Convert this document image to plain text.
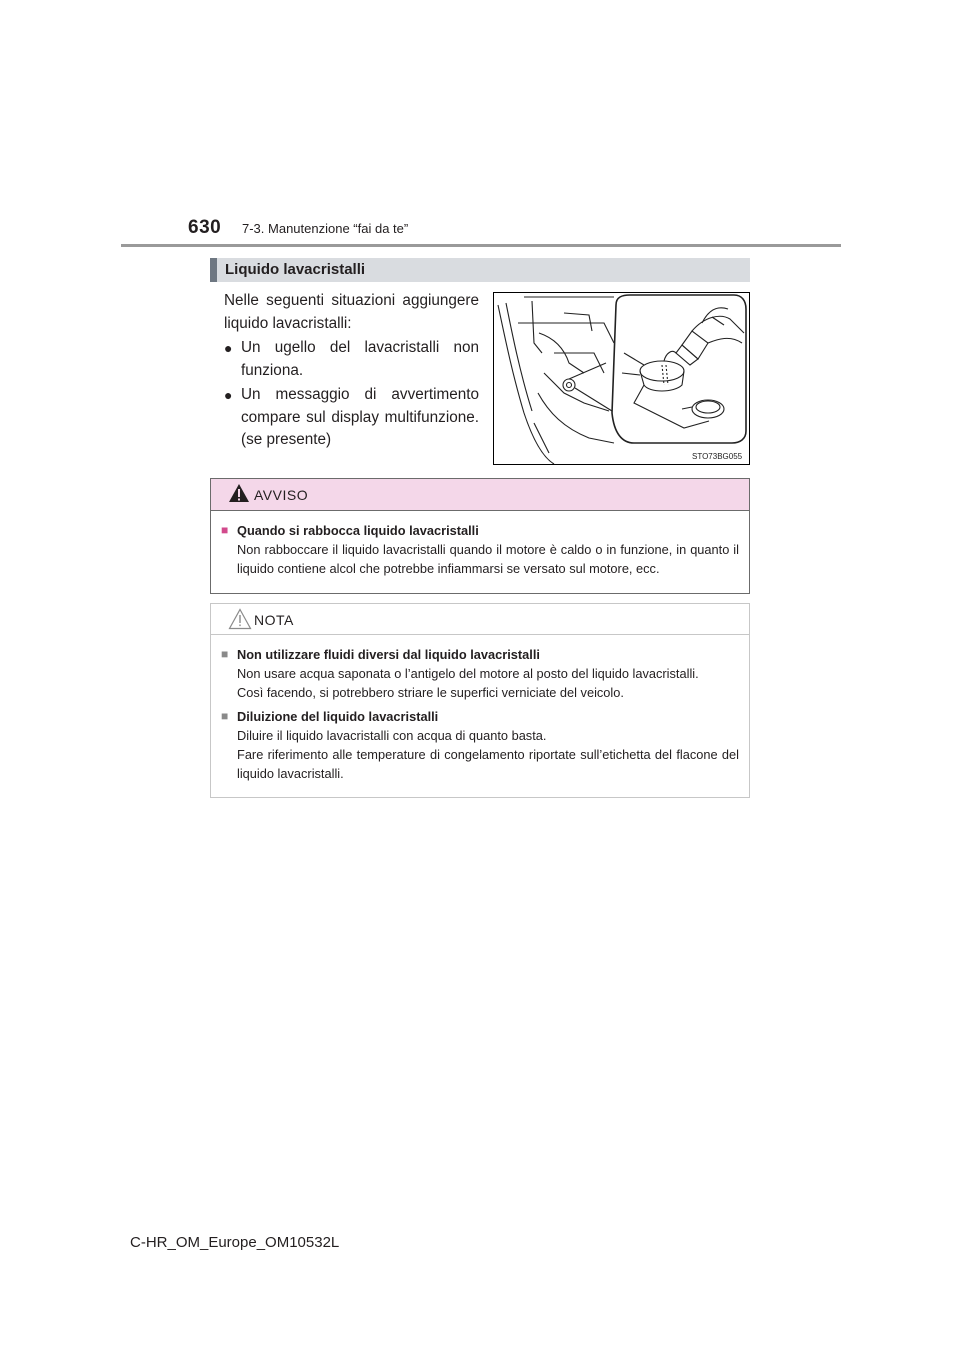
630 7-3. Manutenzione “fai da te”
Liquido lavacristalli

Nelle seguenti situazioni aggiungere liquido lavacristalli:

● Un ugello del lavacristalli non funziona.
● Un messaggio di avvertimento compare sul display multifunzione. (se presente)
STO73BG055
AVVISO
■ Quando si rabbocca liquido lavacristalli
Non rabboccare il liquido lavacristalli quando il motore è caldo o in funzione, in quanto il liquido contiene alcol che potrebbe infiammarsi se versato sul motore, ecc.
NOTA
■ Non utilizzare fluidi diversi dal liquido lavacristalli
Non usare acqua saponata o l’antigelo del motore al posto del liquido lavacristalli.
Così facendo, si potrebbero striare le superfici verniciate del veicolo.
■ Diluizione del liquido lavacristalli
Diluire il liquido lavacristalli con acqua di quanto basta.
Fare riferimento alle temperature di congelamento riportate sull’etichetta del flacone del liquido lavacristalli.
C-HR_OM_Europe_OM10532L
